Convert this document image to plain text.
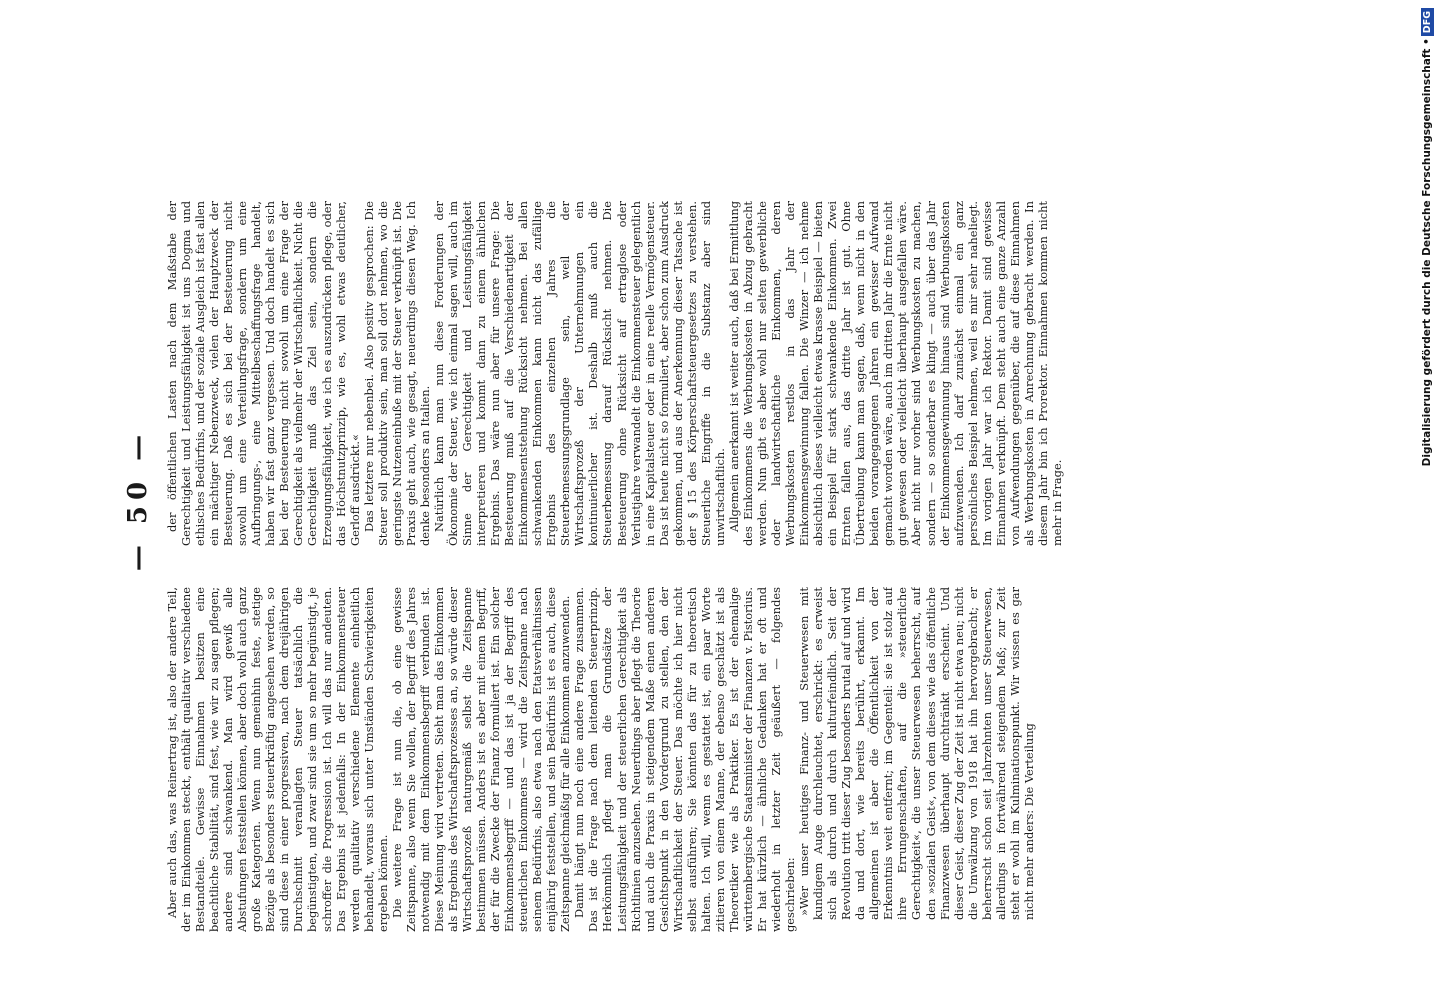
— 50 —

Aber auch das, was Reinertrag ist, also der andere Teil, der im Einkommen steckt, enthält qualitativ verschiedene Bestandteile. Gewisse Einnahmen besitzen eine beachtliche Stabilität, sind fest, wie wir zu sagen pflegen; andere sind schwankend. Man wird gewiß alle Abstufungen feststellen können, aber doch wohl auch ganz große Kategorien. Wenn nun gemeinhin feste, stetige Bezüge als besonders steuerkräftig angesehen werden, so sind diese in einer progressiven, nach dem dreijährigen Durchschnitt veranlagten Steuer tatsächlich die begünstigten, und zwar sind sie um so mehr begünstigt, je schroffer die Progression ist. Ich will das nur andeuten. Das Ergebnis ist jedenfalls: In der Einkommensteuer werden qualitativ verschiedene Elemente einheitlich behandelt, woraus sich unter Umständen Schwierigkeiten ergeben können. Die weitere Frage ist nun die, ob eine gewisse Zeitspanne, also wenn Sie wollen, der Begriff des Jahres notwendig mit dem Einkommensbegriff verbunden ist. Diese Meinung wird vertreten. Sieht man das Einkommen als Ergebnis des Wirtschaftsprozesses an, so würde dieser Wirtschaftsprozeß naturgemäß selbst die Zeitspanne bestimmen müssen. Anders ist es aber mit einem Begriff, der für die Zwecke der Finanz formuliert ist. Ein solcher Einkommensbegriff — und das ist ja der Begriff des steuerlichen Einkommens — wird die Zeitspanne nach seinem Bedürfnis, also etwa nach den Etatsverhältnissen einjährig feststellen, und sein Bedürfnis ist es auch, diese Zeitspanne gleichmäßig für alle Einkommen anzuwenden. Damit hängt nun noch eine andere Frage zusammen. Das ist die Frage nach dem leitenden Steuerprinzip. Herkömmlich pflegt man die Grundsätze der Leistungsfähigkeit und der steuerlichen Gerechtigkeit als Richtlinien anzusehen. Neuerdings aber pflegt die Theorie und auch die Praxis in steigendem Maße einen anderen Gesichtspunkt in den Vordergrund zu stellen, den der Wirtschaftlichkeit der Steuer. Das möchte ich hier nicht selbst ausführen; Sie könnten das für zu theoretisch halten. Ich will, wenn es gestattet ist, ein paar Worte zitieren von einem Manne, der ebenso geschätzt ist als Theoretiker wie als Praktiker. Es ist der ehemalige württembergische Staatsminister der Finanzen v. Pistorius. Er hat kürzlich — ähnliche Gedanken hat er oft und wiederholt in letzter Zeit geäußert — folgendes geschrieben: »Wer unser heutiges Finanz- und Steuerwesen mit kundigem Auge durchleuchtet, erschrickt: es erweist sich als durch und durch kulturfeindlich. Seit der Revolution tritt dieser Zug besonders brutal auf und wird da und dort, wie bereits berührt, erkannt. Im allgemeinen ist aber die Öffentlichkeit von der Erkenntnis weit entfernt; im Gegenteil: sie ist stolz auf ihre Errungenschaften, auf die »steuerliche Gerechtigkeit«, die unser Steuerwesen beherrscht, auf den »sozialen Geist«, von dem dieses wie das öffentliche Finanzwesen überhaupt durchtränkt erscheint. Und dieser Geist, dieser Zug der Zeit ist nicht etwa neu; nicht die Umwälzung von 1918 hat ihn hervorgebracht; er beherrscht schon seit Jahrzehnten unser Steuerwesen, allerdings in fortwährend steigendem Maß; zur Zeit steht er wohl im Kulminationspunkt. Wir wissen es gar nicht mehr anders: Die Verteilung

der öffentlichen Lasten nach dem Maßstabe der Gerechtigkeit und Leistungsfähigkeit ist uns Dogma und ethisches Bedürfnis, und der soziale Ausgleich ist fast allen ein mächtiger Nebenzweck, vielen der Hauptzweck der Besteuerung. Daß es sich bei der Besteuerung nicht sowohl um eine Verteilungsfrage, sondern um eine Aufbringungs-, eine Mittelbeschaffungsfrage handelt, haben wir fast ganz vergessen. Und doch handelt es sich bei der Besteuerung nicht sowohl um eine Frage der Gerechtigkeit als vielmehr der Wirtschaftlichkeit. Nicht die Gerechtigkeit muß das Ziel sein, sondern die Erzeugungsfähigkeit, wie ich es auszudrücken pflege, oder das Höchstnutzprinzip, wie es, wohl etwas deutlicher, Gerloff ausdrückt.« Das letztere nur nebenbei. Also positiv gesprochen: Die Steuer soll produktiv sein, man soll dort nehmen, wo die geringste Nutzeneinbuße mit der Steuer verknüpft ist. Die Praxis geht auch, wie gesagt, neuerdings diesen Weg. Ich denke besonders an Italien. Natürlich kann man nun diese Forderungen der Ökonomie der Steuer, wie ich einmal sagen will, auch im Sinne der Gerechtigkeit und Leistungsfähigkeit interpretieren und kommt dann zu einem ähnlichen Ergebnis. Das wäre nun aber für unsere Frage: Die Besteuerung muß auf die Verschiedenartigkeit der Einkommensentstehung Rücksicht nehmen. Bei allen schwankenden Einkommen kann nicht das zufällige Ergebnis des einzelnen Jahres die Steuerbemessungsgrundlage sein, weil der Wirtschaftsprozeß der Unternehmungen ein kontinuierlicher ist. Deshalb muß auch die Steuerbemessung darauf Rücksicht nehmen. Die Besteuerung ohne Rücksicht auf ertraglose oder Verlustjahre verwandelt die Einkommensteuer gelegentlich in eine Kapitalsteuer oder in eine reelle Vermögensteuer. Das ist heute nicht so formuliert, aber schon zum Ausdruck gekommen, und aus der Anerkennung dieser Tatsache ist der § 15 des Körperschaftsteuergesetzes zu verstehen. Steuerliche Eingriffe in die Substanz aber sind unwirtschaftlich. Allgemein anerkannt ist weiter auch, daß bei Ermittlung des Einkommens die Werbungskosten in Abzug gebracht werden. Nun gibt es aber wohl nur selten gewerbliche oder landwirtschaftliche Einkommen, deren Werbungskosten restlos in das Jahr der Einkommensgewinnung fallen. Die Winzer — ich nehme absichtlich dieses vielleicht etwas krasse Beispiel — bieten ein Beispiel für stark schwankende Einkommen. Zwei Ernten fallen aus, das dritte Jahr ist gut. Ohne Übertreibung kann man sagen, daß, wenn nicht in den beiden vorangegangenen Jahren ein gewisser Aufwand gemacht worden wäre, auch im dritten Jahr die Ernte nicht gut gewesen oder vielleicht überhaupt ausgefallen wäre. Aber nicht nur vorher sind Werbungskosten zu machen, sondern — so sonderbar es klingt — auch über das Jahr der Einkommensgewinnung hinaus sind Werbungskosten aufzuwenden. Ich darf zunächst einmal ein ganz persönliches Beispiel nehmen, weil es mir sehr naheliegt. Im vorigen Jahr war ich Rektor. Damit sind gewisse Einnahmen verknüpft. Dem steht auch eine ganze Anzahl von Aufwendungen gegenüber, die auf diese Einnahmen als Werbungskosten in Anrechnung gebracht werden. In diesem Jahr bin ich Prorektor. Einnahmen kommen nicht mehr in Frage.

Digitalisierung gefördert durch die Deutsche Forschungsgemeinschaft •DFG
